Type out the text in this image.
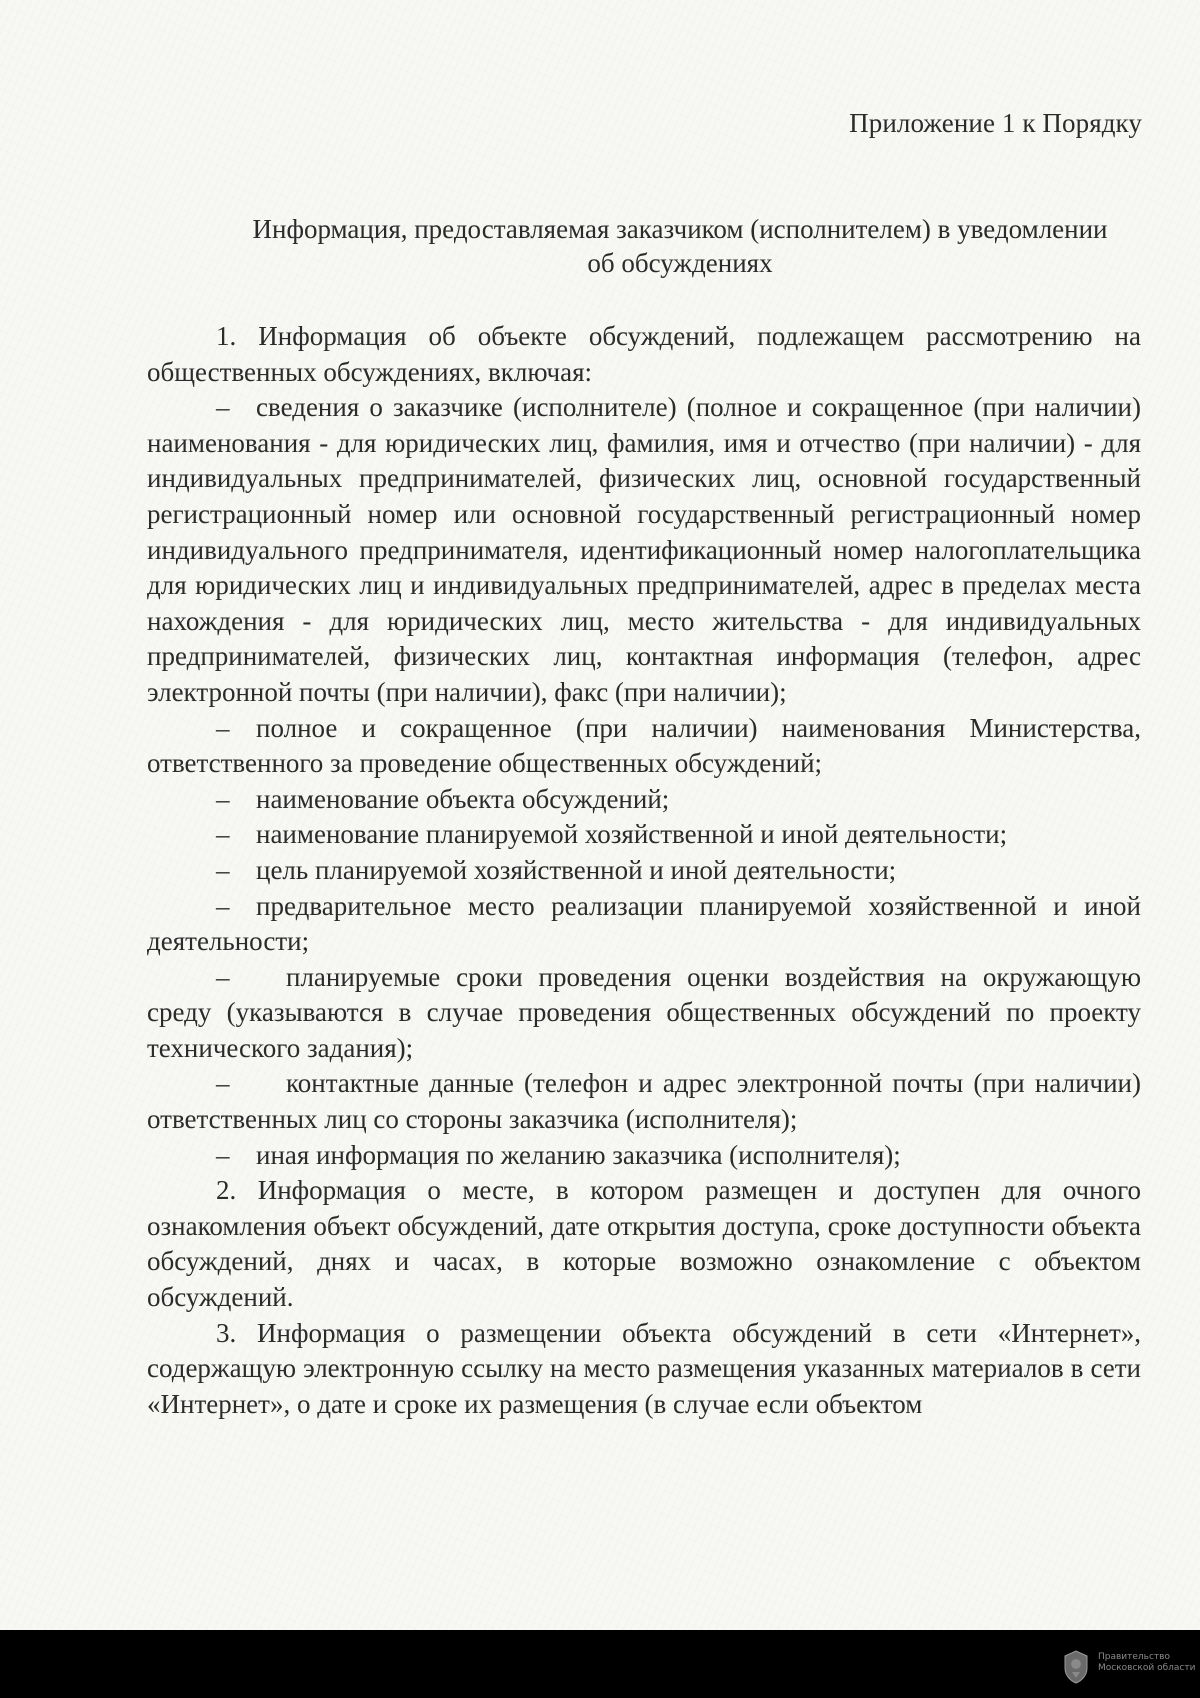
Приложение 1 к Порядку
Информация, предоставляемая заказчиком (исполнителем) в уведомлении
об обсуждениях

1. Информация об объекте обсуждений, подлежащем рассмотрению на общественных обсуждениях, включая:

– сведения о заказчике (исполнителе) (полное и сокращенное (при наличии) наименования - для юридических лиц, фамилия, имя и отчество (при наличии) - для индивидуальных предпринимателей, физических лиц, основной государственный регистрационный номер или основной государственный регистрационный номер индивидуального предпринимателя, идентификационный номер налогоплательщика для юридических лиц и индивидуальных предпринимателей, адрес в пределах места нахождения - для юридических лиц, место жительства - для индивидуальных предпринимателей, физических лиц, контактная информация (телефон, адрес электронной почты (при наличии), факс (при наличии);

– полное и сокращенное (при наличии) наименования Министерства, ответственного за проведение общественных обсуждений;

– наименование объекта обсуждений;

– наименование планируемой хозяйственной и иной деятельности;

– цель планируемой хозяйственной и иной деятельности;

– предварительное место реализации планируемой хозяйственной и иной деятельности;

– планируемые сроки проведения оценки воздействия на окружающую среду (указываются в случае проведения общественных обсуждений по проекту технического задания);

– контактные данные (телефон и адрес электронной почты (при наличии) ответственных лиц со стороны заказчика (исполнителя);

– иная информация по желанию заказчика (исполнителя);

2. Информация о месте, в котором размещен и доступен для очного ознакомления объект обсуждений, дате открытия доступа, сроке доступности объекта обсуждений, днях и часах, в которые возможно ознакомление с объектом обсуждений.

3. Информация о размещении объекта обсуждений в сети «Интернет», содержащую электронную ссылку на место размещения указанных материалов в сети «Интернет», о дате и сроке их размещения (в случае если объектом

Правительство
Московской области
